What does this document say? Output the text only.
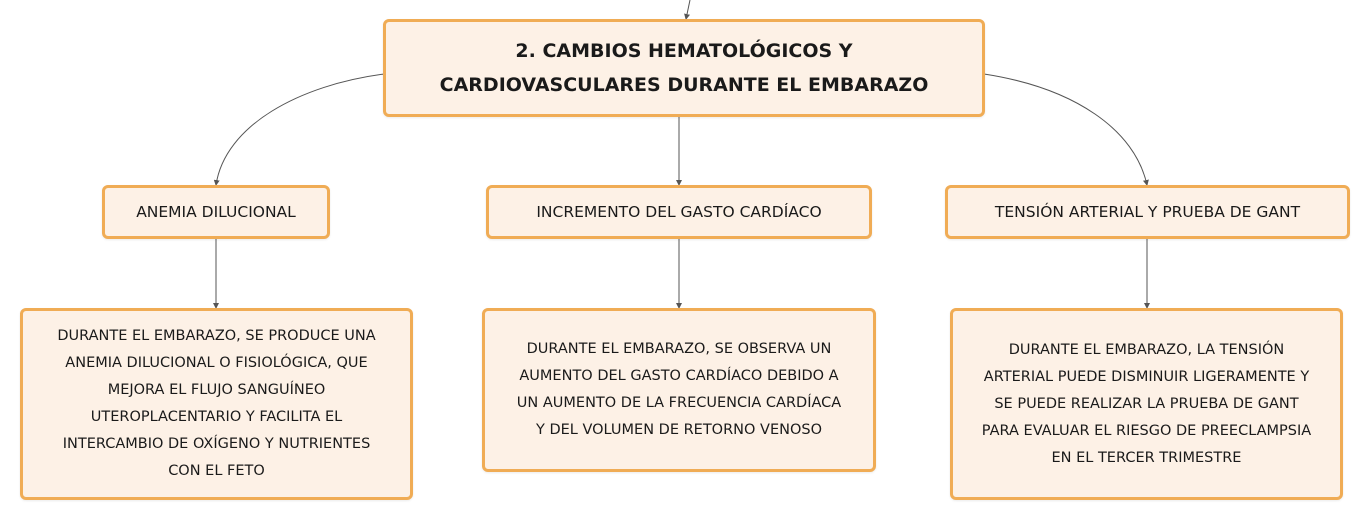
2. CAMBIOS HEMATOLÓGICOS Y
CARDIOVASCULARES DURANTE EL EMBARAZO
ANEMIA DILUCIONAL	INCREMENTO DEL GASTO CARDÍACO	TENSIÓN ARTERIAL Y PRUEBA DE GANT
DURANTE EL EMBARAZO, SE PRODUCE UNA
ANEMIA DILUCIONAL O FISIOLÓGICA, QUE
MEJORA EL FLUJO SANGUÍNEO
UTEROPLACENTARIO Y FACILITA EL
INTERCAMBIO DE OXÍGENO Y NUTRIENTES
CON EL FETO
DURANTE EL EMBARAZO, SE OBSERVA UN
AUMENTO DEL GASTO CARDÍACO DEBIDO A
UN AUMENTO DE LA FRECUENCIA CARDÍACA
Y DEL VOLUMEN DE RETORNO VENOSO
DURANTE EL EMBARAZO, LA TENSIÓN
ARTERIAL PUEDE DISMINUIR LIGERAMENTE Y
SE PUEDE REALIZAR LA PRUEBA DE GANT
PARA EVALUAR EL RIESGO DE PREECLAMPSIA
EN EL TERCER TRIMESTRE
